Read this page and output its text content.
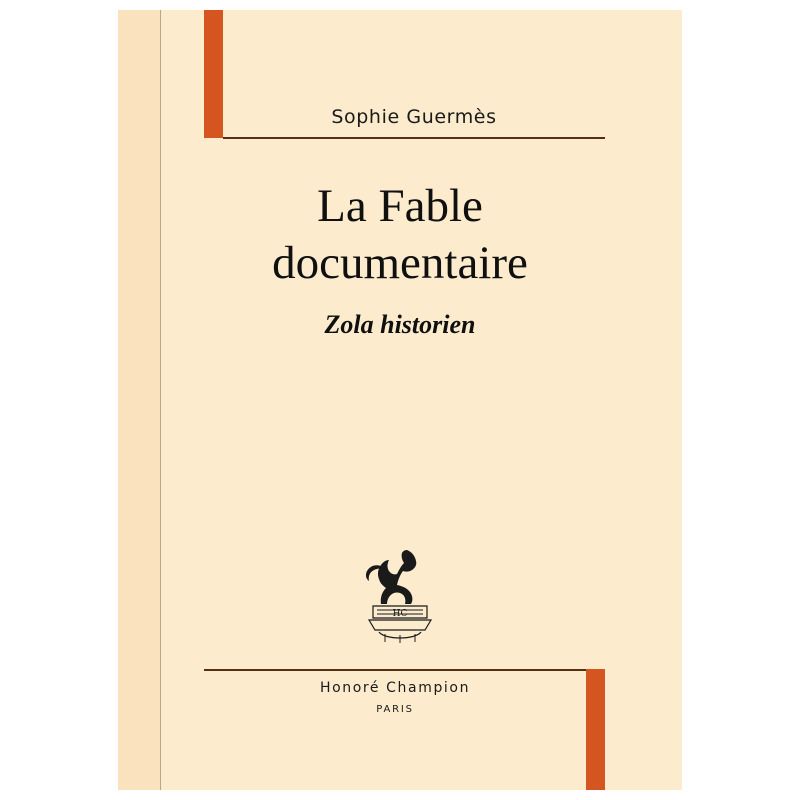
Sophie Guermès
La Fable
documentaire
Zola historien
HC
Honoré Champion
PARIS
